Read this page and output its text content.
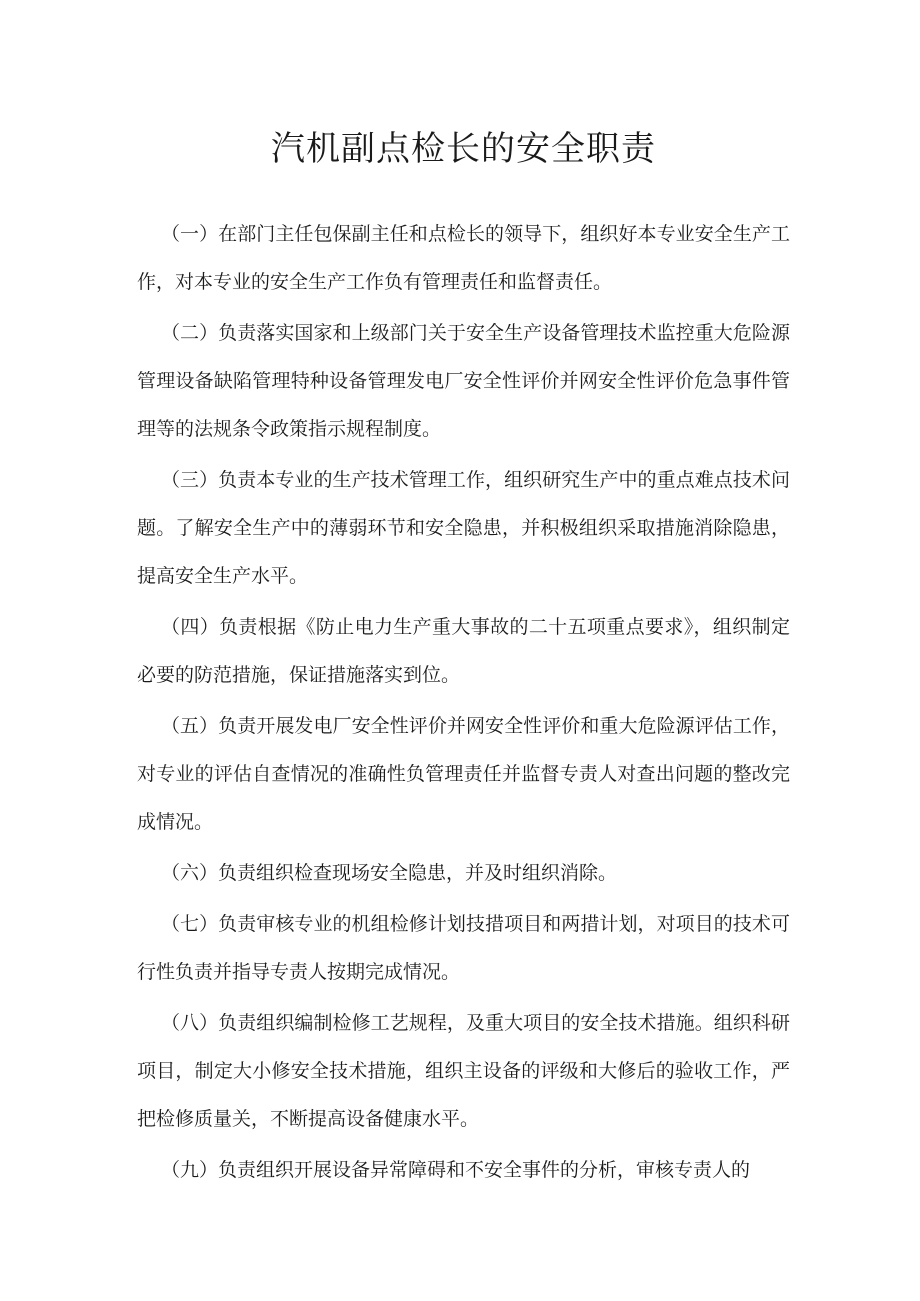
汽机副点检长的安全职责

（一）在部门主任包保副主任和点检长的领导下，组织好本专业安全生产工作，对本专业的安全生产工作负有管理责任和监督责任。

（二）负责落实国家和上级部门关于安全生产设备管理技术监控重大危险源管理设备缺陷管理特种设备管理发电厂安全性评价并网安全性评价危急事件管理等的法规条令政策指示规程制度。

（三）负责本专业的生产技术管理工作，组织研究生产中的重点难点技术问题。了解安全生产中的薄弱环节和安全隐患，并积极组织采取措施消除隐患，提高安全生产水平。

（四）负责根据《防止电力生产重大事故的二十五项重点要求》，组织制定必要的防范措施，保证措施落实到位。

（五）负责开展发电厂安全性评价并网安全性评价和重大危险源评估工作，对专业的评估自查情况的准确性负管理责任并监督专责人对查出问题的整改完成情况。

（六）负责组织检查现场安全隐患，并及时组织消除。

（七）负责审核专业的机组检修计划技措项目和两措计划，对项目的技术可行性负责并指导专责人按期完成情况。

（八）负责组织编制检修工艺规程，及重大项目的安全技术措施。组织科研项目，制定大小修安全技术措施，组织主设备的评级和大修后的验收工作，严把检修质量关，不断提高设备健康水平。

（九）负责组织开展设备异常障碍和不安全事件的分析，审核专责人的
